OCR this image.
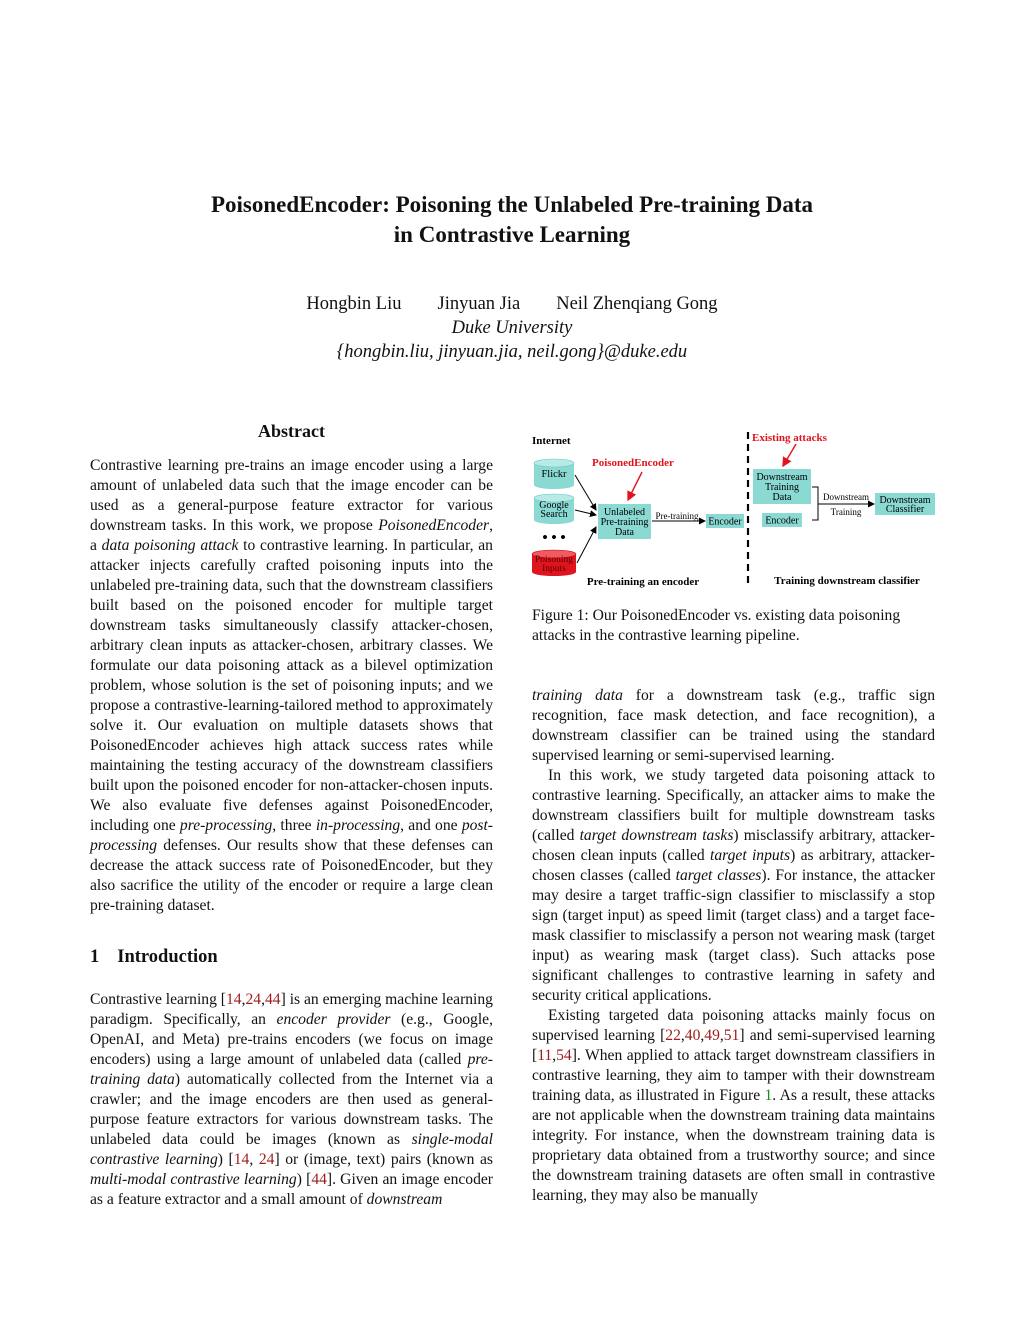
PoisonedEncoder: Poisoning the Unlabeled Pre-training Data
in Contrastive Learning
Hongbin Liu Jinyuan Jia Neil Zhenqiang Gong
Duke University
{hongbin.liu, jinyuan.jia, neil.gong}@duke.edu
Abstract

Contrastive learning pre-trains an image encoder using a large amount of unlabeled data such that the image encoder can be used as a general-purpose feature extractor for various downstream tasks. In this work, we propose PoisonedEncoder, a data poisoning attack to contrastive learning. In particular, an attacker injects carefully crafted poisoning inputs into the unlabeled pre-training data, such that the downstream classifiers built based on the poisoned encoder for multiple target downstream tasks simultaneously classify attacker-chosen, arbitrary clean inputs as attacker-chosen, arbitrary classes. We formulate our data poisoning attack as a bilevel optimization problem, whose solution is the set of poisoning inputs; and we propose a contrastive-learning-tailored method to approximately solve it. Our evaluation on multiple datasets shows that PoisonedEncoder achieves high attack success rates while maintaining the testing accuracy of the downstream classifiers built upon the poisoned encoder for non-attacker-chosen inputs. We also evaluate five defenses against PoisonedEncoder, including one pre-processing, three in-processing, and one post-processing defenses. Our results show that these defenses can decrease the attack success rate of PoisonedEncoder, but they also sacrifice the utility of the encoder or require a large clean pre-training dataset.

1 Introduction

Contrastive learning [14,24,44] is an emerging machine learning paradigm. Specifically, an encoder provider (e.g., Google, OpenAI, and Meta) pre-trains encoders (we focus on image encoders) using a large amount of unlabeled data (called pre-training data) automatically collected from the Internet via a crawler; and the image encoders are then used as general-purpose feature extractors for various downstream tasks. The unlabeled data could be images (known as single-modal contrastive learning) [14, 24] or (image, text) pairs (known as multi-modal contrastive learning) [44]. Given an image encoder as a feature extractor and a small amount of downstream

Internet
Flickr
Google
Search
• • •
Poisoning
Inputs
PoisonedEncoder
Unlabeled
Pre-training
Data
Pre-training
Encoder
Pre-training an encoder
Existing attacks
Downstream
Training
Data
Encoder
Downstream
Training
Downstream
Classifier
Training downstream classifier
Figure 1: Our PoisonedEncoder vs. existing data poisoning attacks in the contrastive learning pipeline.

training data for a downstream task (e.g., traffic sign recognition, face mask detection, and face recognition), a downstream classifier can be trained using the standard supervised learning or semi-supervised learning.

In this work, we study targeted data poisoning attack to contrastive learning. Specifically, an attacker aims to make the downstream classifiers built for multiple downstream tasks (called target downstream tasks) misclassify arbitrary, attacker-chosen clean inputs (called target inputs) as arbitrary, attacker-chosen classes (called target classes). For instance, the attacker may desire a target traffic-sign classifier to misclassify a stop sign (target input) as speed limit (target class) and a target face-mask classifier to misclassify a person not wearing mask (target input) as wearing mask (target class). Such attacks pose significant challenges to contrastive learning in safety and security critical applications.

Existing targeted data poisoning attacks mainly focus on supervised learning [22,40,49,51] and semi-supervised learning [11,54]. When applied to attack target downstream classifiers in contrastive learning, they aim to tamper with their downstream training data, as illustrated in Figure 1. As a result, these attacks are not applicable when the downstream training data maintains integrity. For instance, when the downstream training data is proprietary data obtained from a trustworthy source; and since the downstream training datasets are often small in contrastive learning, they may also be manually
